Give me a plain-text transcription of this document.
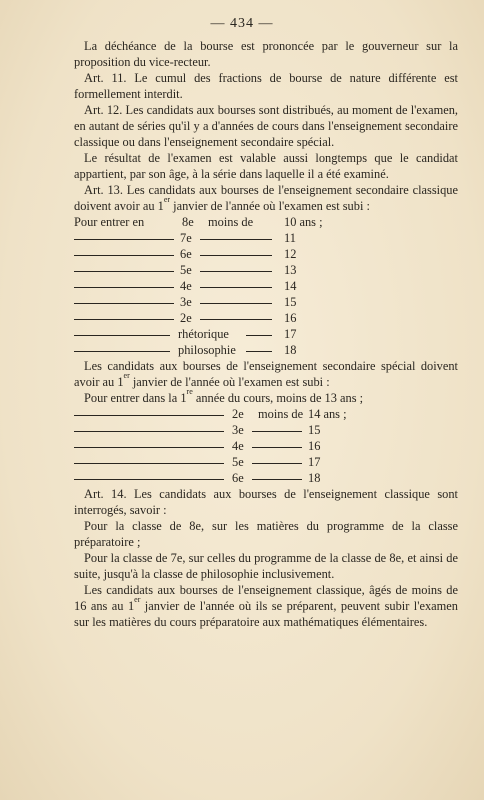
— 434 —

La déchéance de la bourse est prononcée par le gouverneur sur la proposition du vice-recteur.

Art. 11. Le cumul des fractions de bourse de nature différente est formellement interdit.

Art. 12. Les candidats aux bourses sont distribués, au moment de l'examen, en autant de séries qu'il y a d'années de cours dans l'enseignement secondaire classique ou dans l'enseignement secondaire spécial.

Le résultat de l'examen est valable aussi longtemps que le candidat appartient, par son âge, à la série dans laquelle il a été examiné.

Art. 13. Les candidats aux bourses de l'enseignement secondaire classique doivent avoir au 1er janvier de l'année où l'examen est subi :

Pour entrer en	8e moins de 10 ans ;
7e	11
6e	12
5e	13
4e	14
3e	15
2e	16
rhétorique	17
philosophie	18

Les candidats aux bourses de l'enseignement secondaire spécial doivent avoir au 1er janvier de l'année où l'examen est subi :

Pour entrer dans la 1re année du cours, moins de 13 ans ;

2e moins de 14 ans ;
3e	15
4e	16
5e	17
6e	18

Art. 14. Les candidats aux bourses de l'enseignement classique sont interrogés, savoir :

Pour la classe de 8e, sur les matières du programme de la classe préparatoire ;

Pour la classe de 7e, sur celles du programme de la classe de 8e, et ainsi de suite, jusqu'à la classe de philosophie inclusivement.

Les candidats aux bourses de l'enseignement classique, âgés de moins de 16 ans au 1er janvier de l'année où ils se préparent, peuvent subir l'examen sur les matières du cours préparatoire aux mathématiques élémentaires.
